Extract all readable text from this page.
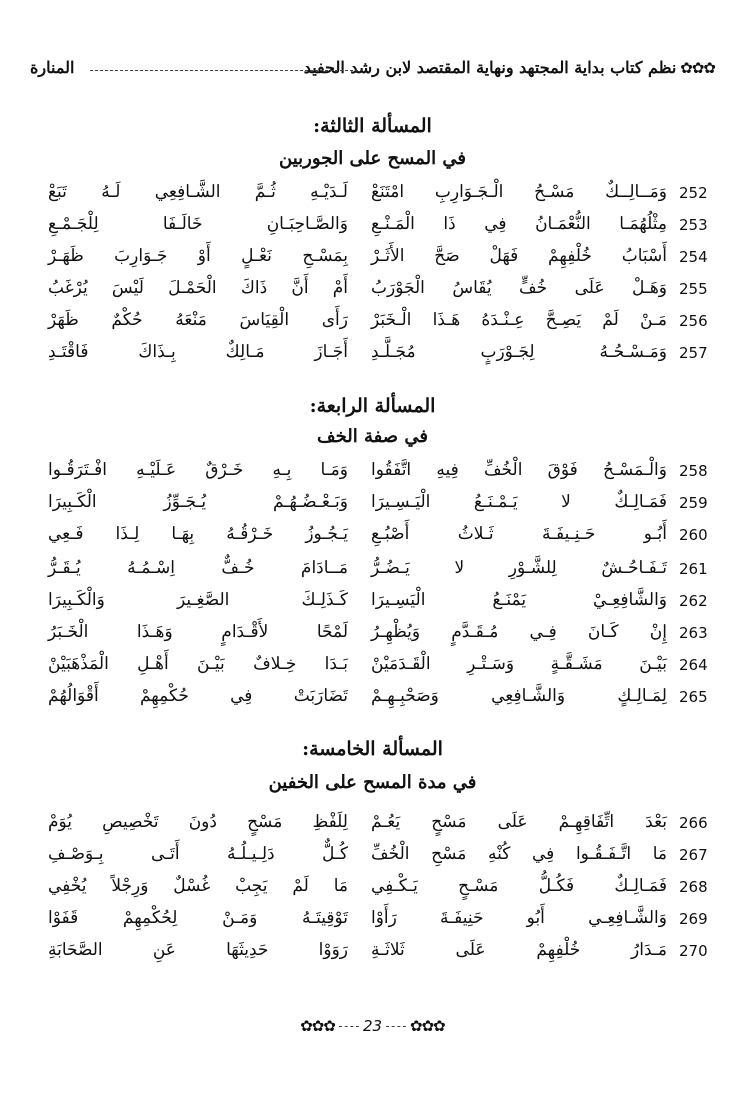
✿✿✿
نظم كتاب بداية المجتهد ونهاية المقتصد لابن رشد الحفيد
المنارة
المسألة الثالثة:
في المسح على الجوربين
252
وَمَــالِــكٌ مَسْـحُ الْـجَـوَارِبِ امْتَنَعْ
لَـدَيْـهِ ثُـمَّ الشَّـافِعِي لَـهُ تَبَعْ
253
مِثْلُهُمَـا النُّعْمَـانُ فِي ذَا الْمَـنْـعِ
وَالصَّـاحِبَـانِ خَالَـفَا لِلْجَـمْـعِ
254
أَسْبَابُ خُلْفِهِمْ فَهَلْ صَحَّ الأَثَـرْ
بِمَسْـحِ نَعْـلٍ أَوْ جَـوَارِبَ ظَهَـرْ
255
وَهَـلْ عَلَى خُفٍّ يُقَاسُ الْجَوْرَبُ
أَمْ أَنَّ ذَاكَ الْحَمْـلَ لَيْسَ يُرْغَبُ
256
مَـنْ لَمْ يَصِـحَّ عِـنْـدَهُ هَـذَا الْـخَبَرْ
رَأَى الْقِيَاسَ مَنْعَهُ حُكْمٌ ظَهَرْ
257
وَمَـسْـحُـهُ لِجَـوْرَبٍ مُجَـلَّـدِ
أَجَـازَ مَـالِكٌ بِـذَاكَ فَاقْتَـدِ
المسألة الرابعة:
في صفة الخف
258
وَالْـمَسْـحُ فَوْقَ الْخُفِّ فِيهِ اتَّفَقُوا
وَمَـا بِـهِ خَـرْقٌ عَـلَيْـهِ افْـتَرَقُـوا
259
فَمَـالِـكٌ لا يَـمْـنَـعُ الْيَـسِـيرَا
وَبَـعْـضُـهُـمْ يُـجَـوِّزُ الْكَـبِيرَا
260
أَبُـو حَـنِـيفَـةَ ثَـلاثُ أَصْبُـعِ
يَـجُـوزُ خَـرْقُـهُ بِهَـا لِـذَا فَـعِي
261
تَـفَـاحُـشٌ لِلشَّـوْرِ لا يَـضُـرُّ
مَــادَامَ خُـفٌّ اِسْـمُـهُ يُـقَـرُّ
262
وَالشَّافِعِـيْ يَمْنَـعُ الْيَسِـيرَا
كَـذَلِـكَ الصَّغِـيرَ وَالْكَـبِيرَا
263
إِنْ كَـانَ فِـي مُـقَـدَّمٍ وَيُظْهِـرُ
لَمْحًا لأَقْـدَامٍ وَهَـذَا الْخَـبَرُ
264
بَيْـنَ مَشَـقَّـةٍ وَسَـتْـرِ الْقَـدَمَيْنْ
بَـدَا خِـلافٌ بَيْـنَ أَهْـلِ الْمَذْهَبَيْنْ
265
لِمَـالِـكٍ وَالشَّـافِعِي وَصَحْبِـهِـمْ
تَضَارَبَتْ فِي حُكْمِهِمْ أَقْوَالُهُمْ
المسألة الخامسة:
في مدة المسح على الخفين
266
بَعْدَ اتِّفَاقِهِـمْ عَلَى مَسْحٍ يَعُـمْ
لِلَفْظِ مَسْحٍ دُونَ تَخْصِيصِ يُوَمْ
267
مَا اتَّـفَـقُـوا فِي كُنْهِ مَسْحِ الْخُفِّ
كُـلٌّ دَلِـيـلُـهُ أَتَـى بِـوَصْـفِ
268
فَمَـالِـكٌ فَكُـلُّ مَسْـحٍ يَـكْـفِي
مَا لَمْ يَجِبْ غُسْلٌ وَرِجْلاً يُخْفِي
269
وَالشَّـافِعِـي أَبُو حَنِيفَـةَ رَأَوْا
تَوْقِيتَـهُ وَمَـنْ لِحُكْمِهِمْ قَفَوْا
270
مَـدَارُ خُلْفِهِمْ عَلَى ثَلاثَـةِ
رَوَوْا حَدِيثَهَا عَنِ الصَّحَابَةِ
✿✿✿ 23 ✿✿✿
